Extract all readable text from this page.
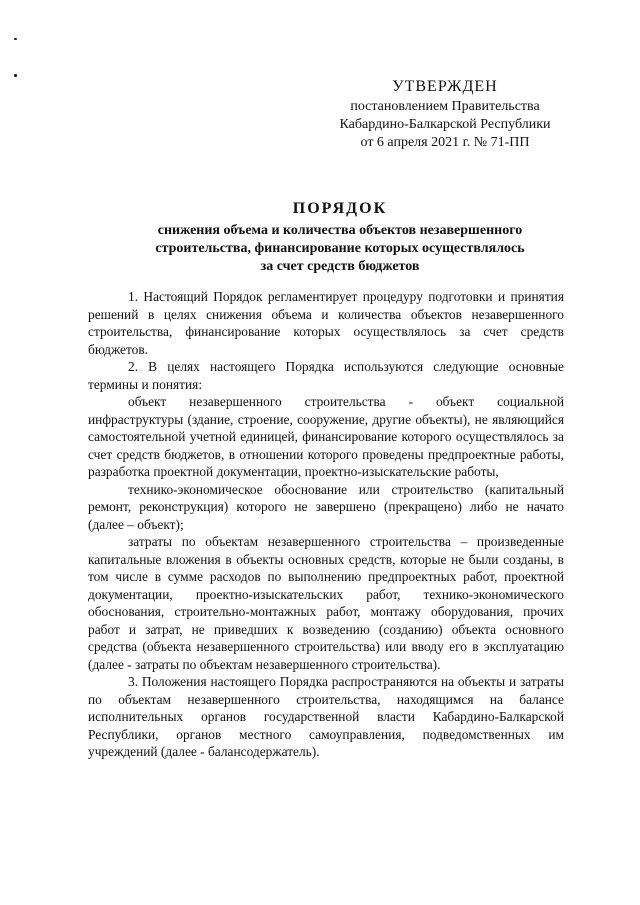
УТВЕРЖДЕН
постановлением Правительства
Кабардино-Балкарской Республики
от 6 апреля 2021 г. № 71-ПП
ПОРЯДОК
снижения объема и количества объектов незавершенного
строительства, финансирование которых осуществлялось
за счет средств бюджетов

1. Настоящий Порядок регламентирует процедуру подготовки и принятия решений в целях снижения объема и количества объектов незавершенного строительства, финансирование которых осуществлялось за счет средств бюджетов.

2. В целях настоящего Порядка используются следующие основные термины и понятия:

объект незавершенного строительства - объект социальной инфраструктуры (здание, строение, сооружение, другие объекты), не являющийся самостоятельной учетной единицей, финансирование которого осуществлялось за счет средств бюджетов, в отношении которого проведены предпроектные работы, разработка проектной документации, проектно-изыскательские работы,

технико-экономическое обоснование или строительство (капитальный ремонт, реконструкция) которого не завершено (прекращено) либо не начато (далее – объект);

затраты по объектам незавершенного строительства – произведенные капитальные вложения в объекты основных средств, которые не были созданы, в том числе в сумме расходов по выполнению предпроектных работ, проектной документации, проектно-изыскательских работ, технико-экономического обоснования, строительно-монтажных работ, монтажу оборудования, прочих работ и затрат, не приведших к возведению (созданию) объекта основного средства (объекта незавершенного строительства) или вводу его в эксплуатацию (далее - затраты по объектам незавершенного строительства).

3. Положения настоящего Порядка распространяются на объекты и затраты по объектам незавершенного строительства, находящимся на балансе исполнительных органов государственной власти Кабардино-Балкарской Республики, органов местного самоуправления, подведомственных им учреждений (далее - балансодержатель).
